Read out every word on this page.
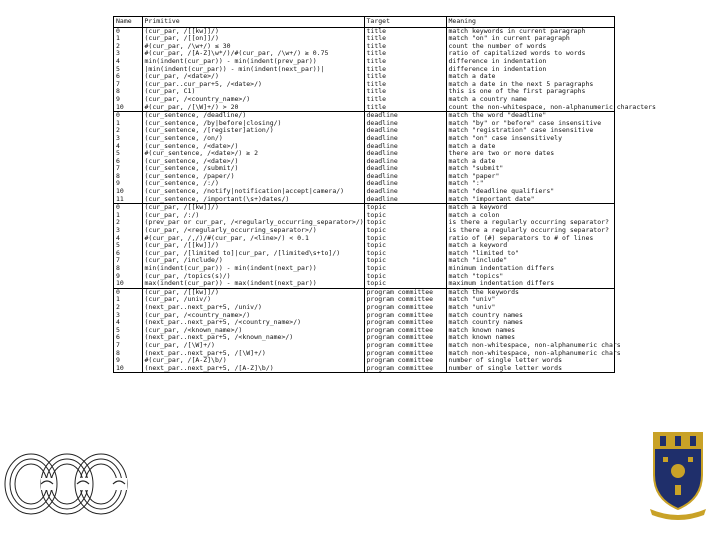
Name	Primitive	Target	Meaning
0	(cur_par, /[[kw]]/)	title	match keywords in current paragraph
1	(cur_par, /[[on]]/)	title	match "on" in current paragraph
2	#(cur_par, /\w+/) ≤ 30	title	count the number of words
3	#(cur_par, /[A-Z]\w*/)/#(cur_par, /\w+/) ≥ 0.75	title	ratio of capitalized words to words
4	min(indent(cur_par)) - min(indent(prev_par))	title	difference in indentation
5	|min(indent(cur_par)) - min(indent(next_par))|	title	difference in indentation
6	(cur_par, /<date>/)	title	match a date
7	(cur_par..cur_par+5, /<date>/)	title	match a date in the next 5 paragraphs
8	(cur_par, C1)	title	this is one of the first paragraphs
9	(cur_par, /<country_name>/)	title	match a country name
10	#(cur_par, /[\W]+/) > 20	title	count the non-whitespace, non-alphanumeric characters
0	(cur_sentence, /deadline/)	deadline	match the word "deadline"
1	(cur_sentence, /by|before|closing/)	deadline	match "by" or "before" case insensitive
2	(cur_sentence, /[register]ation/)	deadline	match "registration" case insensitive
3	(cur_sentence, /on/)	deadline	match "on" case insensitively
4	(cur_sentence, /<date>/)	deadline	match a date
5	#(cur_sentence, /<date>/) ≥ 2	deadline	there are two or more dates
6	(cur_sentence, /<date>/)	deadline	match a date
7	(cur_sentence, /submit/)	deadline	match "submit"
8	(cur_sentence, /paper/)	deadline	match "paper"
9	(cur_sentence, /:/)	deadline	match ":"
10	(cur_sentence, /notify|notification|accept|camera/)	deadline	match "deadline qualifiers"
11	(cur_sentence, /important(\s+)dates/)	deadline	match "important date"
0	(cur_par, /[[kw]]/)	topic	match a keyword
1	(cur_par, /:/)	topic	match a colon
2	(prev_par or cur_par, /<regularly_occurring_separator>/)	topic	is there a regularly occurring separator?
3	(cur_par, /<regularly_occurring_separator>/)	topic	is there a regularly occurring separator?
4	#(cur_par, /,/)/#(cur_par, /<line>/) < 0.1	topic	ratio of (#) separators to # of lines
5	(cur_par, /[[kw]]/)	topic	match a keyword
6	(cur_par, /[limited to]|cur_par, /[limited\s+to]/)	topic	match "limited to"
7	(cur_par, /include/)	topic	match "include"
8	min(indent(cur_par)) - min(indent(next_par))	topic	minimum indentation differs
9	(cur_par, /topics(s)/)	topic	match "topics"
10	max(indent(cur_par)) - max(indent(next_par))	topic	maximum indentation differs
0	(cur_par, /[[kw]]/)	program committee	match the keywords
1	(cur_par, /univ/)	program committee	match "univ"
2	(next_par..next_par+5, /univ/)	program committee	match "univ"
3	(cur_par, /<country_name>/)	program committee	match country names
4	(next_par..next_par+5, /<country_name>/)	program committee	match country names
5	(cur_par, /<known_name>/)	program committee	match known names
6	(next_par..next_par+5, /<known_name>/)	program committee	match known names
7	(cur_par, /[\W]+/)	program committee	match non-whitespace, non-alphanumeric chars
8	(next_par..next_par+5, /[\W]+/)	program committee	match non-whitespace, non-alphanumeric chars
9	#(cur_par, /[A-Z]\b/)	program committee	number of single letter words
10	(next_par..next_par+5, /[A-Z]\b/)	program committee	number of single letter words
